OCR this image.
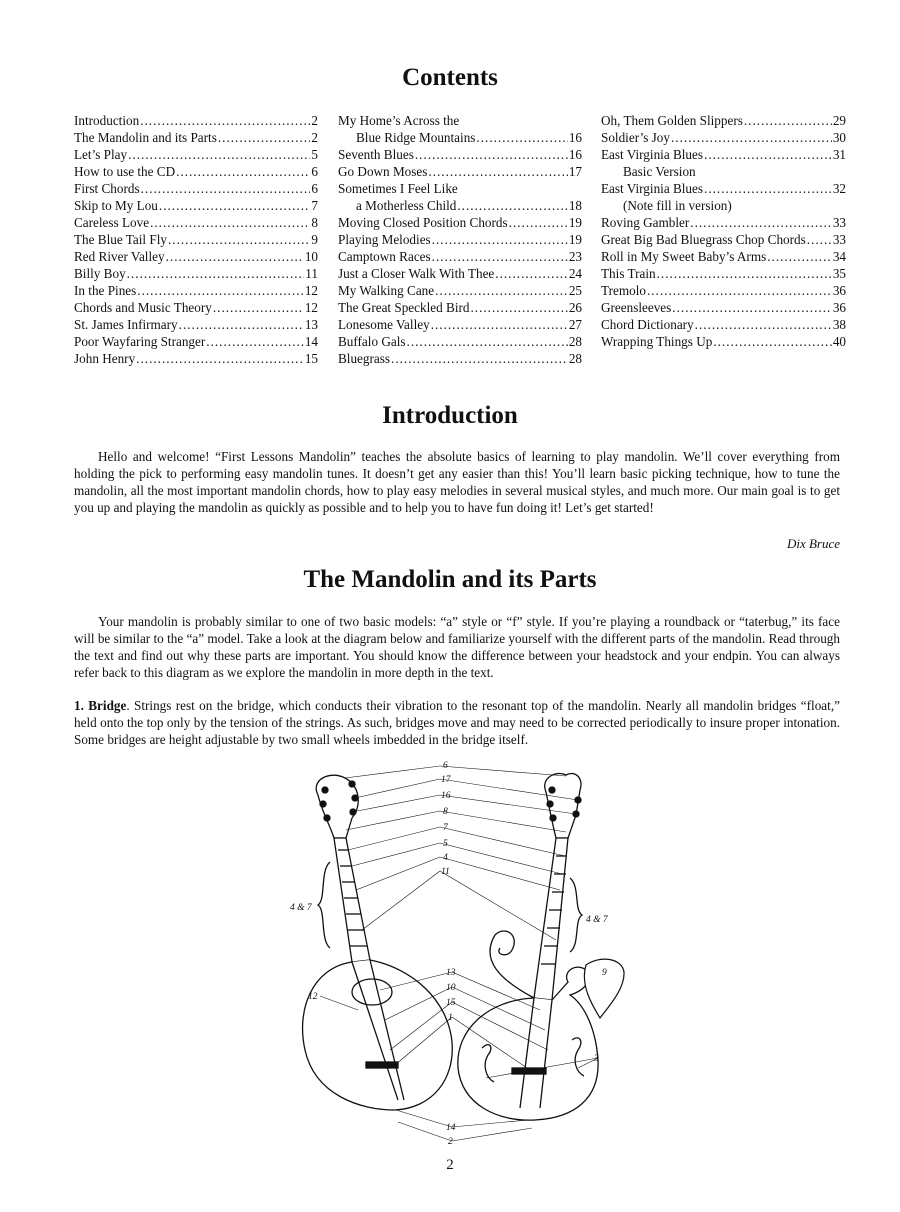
Contents
Introduction .....	2
The Mandolin and its Parts .....	2
Let’s Play .....	5
How to use the CD .....	6
First Chords .....	6
Skip to My Lou .....	7
Careless Love .....	8
The Blue Tail Fly .....	9
Red River Valley .....	10
Billy Boy .....	11
In the Pines .....	12
Chords and Music Theory .....	12
St. James Infirmary .....	13
Poor Wayfaring Stranger .....	14
John Henry .....	15
My Home’s Across the
Blue Ridge Mountains .....	16
Seventh Blues .....	16
Go Down Moses .....	17
Sometimes I Feel Like
a Motherless Child .....	18
Moving Closed Position Chords .....	19
Playing Melodies .....	19
Camptown Races .....	23
Just a Closer Walk With Thee .....	24
My Walking Cane .....	25
The Great Speckled Bird .....	26
Lonesome Valley .....	27
Buffalo Gals .....	28
Bluegrass .....	28
Oh, Them Golden Slippers .....	29
Soldier’s Joy .....	30
East Virginia Blues .....	31
Basic Version
East Virginia Blues .....	32
(Note fill in version)
Roving Gambler .....	33
Great Big Bad Bluegrass Chop Chords ..... 33
Roll in My Sweet Baby’s Arms .....	34
This Train .....	35
Tremolo .....	36
Greensleeves .....	36
Chord Dictionary .....	38
Wrapping Things Up .....	40
Introduction

Hello and welcome! “First Lessons Mandolin” teaches the absolute basics of learning to play mandolin. We’ll cover everything from holding the pick to performing easy mandolin tunes. It doesn’t get any easier than this! You’ll learn basic picking technique, how to tune the mandolin, all the most important mandolin chords, how to play easy melodies in several musical styles, and much more. Our main goal is to get you up and playing the mandolin as quickly as possible and to help you to have fun doing it! Let’s get started!

Dix Bruce
The Mandolin and its Parts

Your mandolin is probably similar to one of two basic models: “a” style or “f” style. If you’re playing a roundback or “taterbug,” its face will be similar to the “a” model. Take a look at the diagram below and familiarize yourself with the different parts of the mandolin. Read through the text and find out why these parts are important. You should know the difference between your headstock and your endpin. You can always refer back to this diagram as we explore the mandolin in more depth in the text.

1. Bridge. Strings rest on the bridge, which conducts their vibration to the resonant top of the mandolin. Nearly all mandolin bridges “float,” held onto the top only by the tension of the strings. As such, bridges move and may need to be corrected periodically to insure proper intonation. Some bridges are height adjustable by two small wheels imbedded in the bridge itself.

6
17
16
8
7
5
4
11
4 & 7
4 & 7
9
12
13
10
15
1
3
14
2
2
